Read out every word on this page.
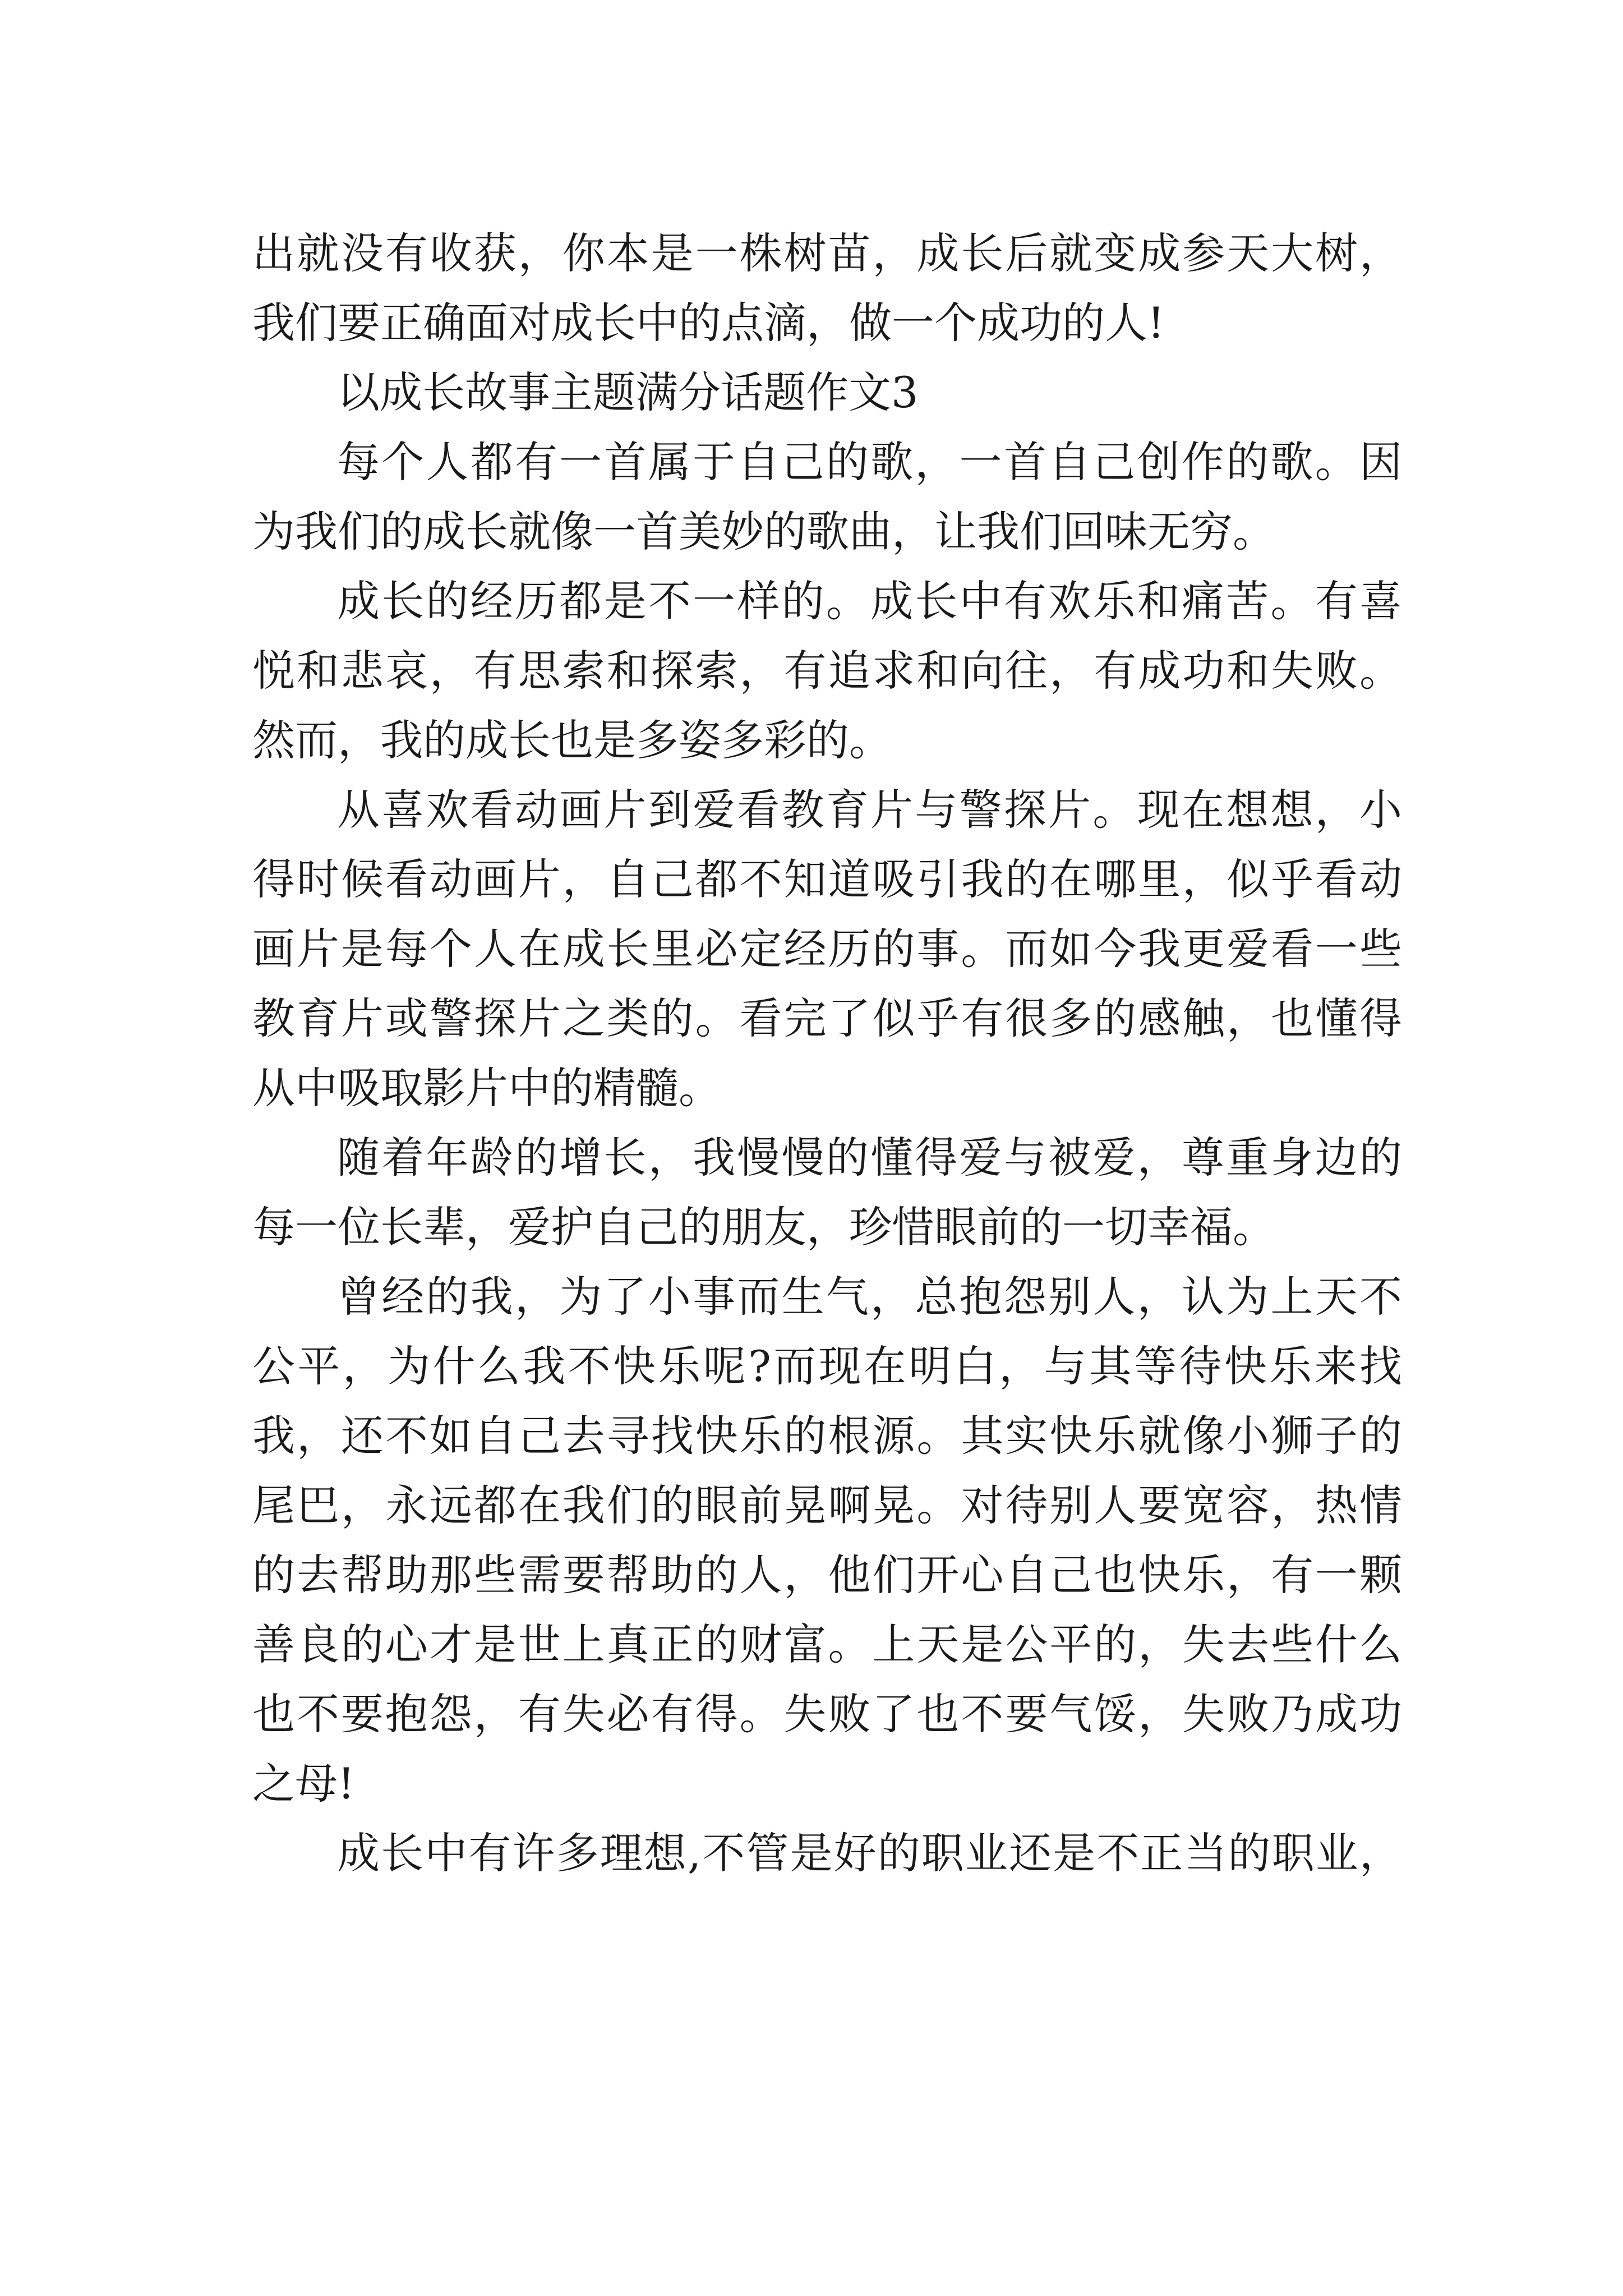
出就没有收获，你本是一株树苗，成长后就变成参天大树，
我们要正确面对成长中的点滴，做一个成功的人!
以成长故事主题满分话题作文3
每个人都有一首属于自己的歌，一首自己创作的歌。因
为我们的成长就像一首美妙的歌曲，让我们回味无穷。
成长的经历都是不一样的。成长中有欢乐和痛苦。有喜
悦和悲哀，有思索和探索，有追求和向往，有成功和失败。
然而，我的成长也是多姿多彩的。
从喜欢看动画片到爱看教育片与警探片。现在想想，小
得时候看动画片，自己都不知道吸引我的在哪里，似乎看动
画片是每个人在成长里必定经历的事。而如今我更爱看一些
教育片或警探片之类的。看完了似乎有很多的感触，也懂得
从中吸取影片中的精髓。
随着年龄的增长，我慢慢的懂得爱与被爱，尊重身边的
每一位长辈，爱护自己的朋友，珍惜眼前的一切幸福。
曾经的我，为了小事而生气，总抱怨别人，认为上天不
公平，为什么我不快乐呢?而现在明白，与其等待快乐来找
我，还不如自己去寻找快乐的根源。其实快乐就像小狮子的
尾巴，永远都在我们的眼前晃啊晃。对待别人要宽容，热情
的去帮助那些需要帮助的人，他们开心自己也快乐，有一颗
善良的心才是世上真正的财富。上天是公平的，失去些什么
也不要抱怨，有失必有得。失败了也不要气馁，失败乃成功
之母!
成长中有许多理想,不管是好的职业还是不正当的职业，
